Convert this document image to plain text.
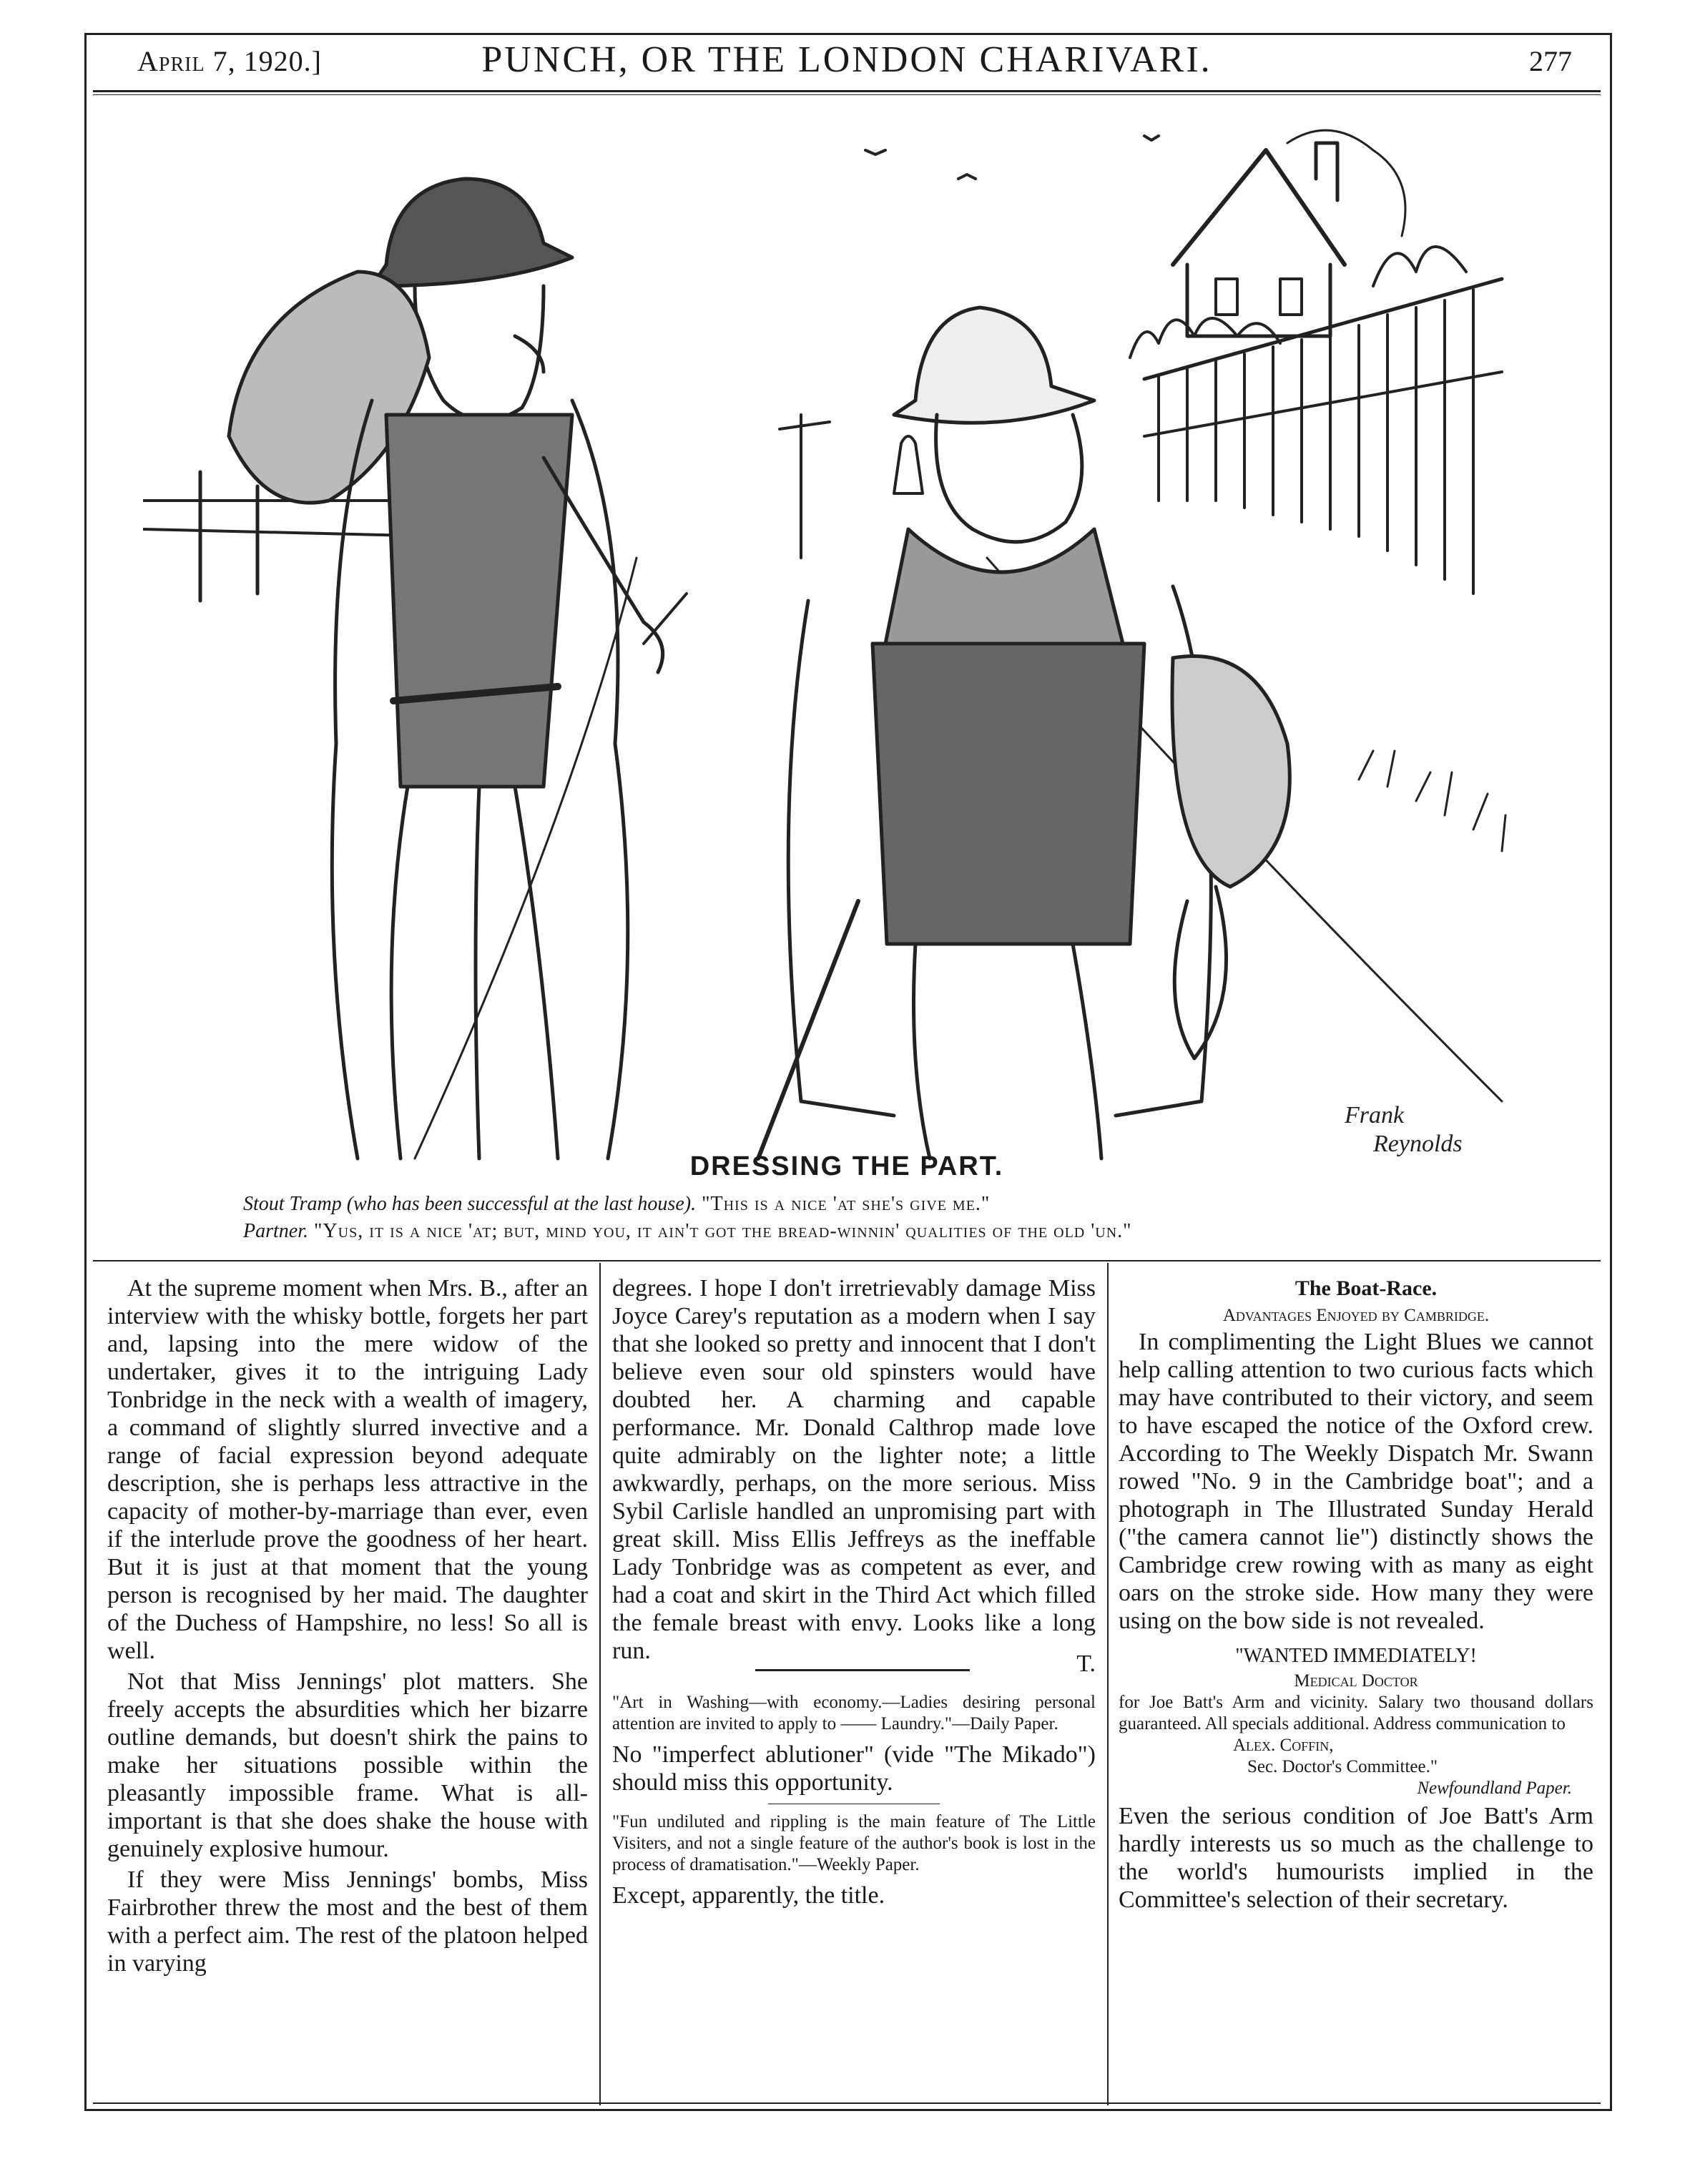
April 7, 1920.]	PUNCH, OR THE LONDON CHARIVARI.	277
Frank
Reynolds
DRESSING THE PART.
Stout Tramp (who has been successful at the last house). "This is a nice 'at she's give me."
Partner. "Yus, it is a nice 'at; but, mind you, it ain't got the bread-winnin' qualities of the old 'un."

At the supreme moment when Mrs. B., after an interview with the whisky bottle, forgets her part and, lapsing into the mere widow of the undertaker, gives it to the intriguing Lady Tonbridge in the neck with a wealth of imagery, a command of slightly slurred invective and a range of facial expression beyond adequate description, she is perhaps less attractive in the capacity of mother-by-marriage than ever, even if the interlude prove the goodness of her heart. But it is just at that moment that the young person is recognised by her maid. The daughter of the Duchess of Hampshire, no less! So all is well.

Not that Miss Jennings' plot matters. She freely accepts the absurdities which her bizarre outline demands, but doesn't shirk the pains to make her situations possible within the pleasantly impossible frame. What is all-important is that she does shake the house with genuinely explosive humour.

If they were Miss Jennings' bombs, Miss Fairbrother threw the most and the best of them with a perfect aim. The rest of the platoon helped in varying

degrees. I hope I don't irretrievably damage Miss Joyce Carey's reputation as a modern when I say that she looked so pretty and innocent that I don't believe even sour old spinsters would have doubted her. A charming and capable performance. Mr. Donald Calthrop made love quite admirably on the lighter note; a little awkwardly, perhaps, on the more serious. Miss Sybil Carlisle handled an unpromising part with great skill. Miss Ellis Jeffreys as the ineffable Lady Tonbridge was as competent as ever, and had a coat and skirt in the Third Act which filled the female breast with envy. Looks like a long run.	T.

"Art in Washing—with economy.—Ladies desiring personal attention are invited to apply to —— Laundry."—Daily Paper.

No "imperfect ablutioner" (vide "The Mikado") should miss this opportunity.

"Fun undiluted and rippling is the main feature of The Little Visiters, and not a single feature of the author's book is lost in the process of dramatisation."—Weekly Paper.

Except, apparently, the title.

The Boat-Race.

Advantages Enjoyed by Cambridge.

In complimenting the Light Blues we cannot help calling attention to two curious facts which may have contributed to their victory, and seem to have escaped the notice of the Oxford crew. According to The Weekly Dispatch Mr. Swann rowed "No. 9 in the Cambridge boat"; and a photograph in The Illustrated Sunday Herald ("the camera cannot lie") distinctly shows the Cambridge crew rowing with as many as eight oars on the stroke side. How many they were using on the bow side is not revealed.

"WANTED IMMEDIATELY!

Medical Doctor

for Joe Batt's Arm and vicinity. Salary two thousand dollars guaranteed. All specials additional. Address communication to

Alex. Coffin,

Sec. Doctor's Committee."

Newfoundland Paper.

Even the serious condition of Joe Batt's Arm hardly interests us so much as the challenge to the world's humourists implied in the Committee's selection of their secretary.
